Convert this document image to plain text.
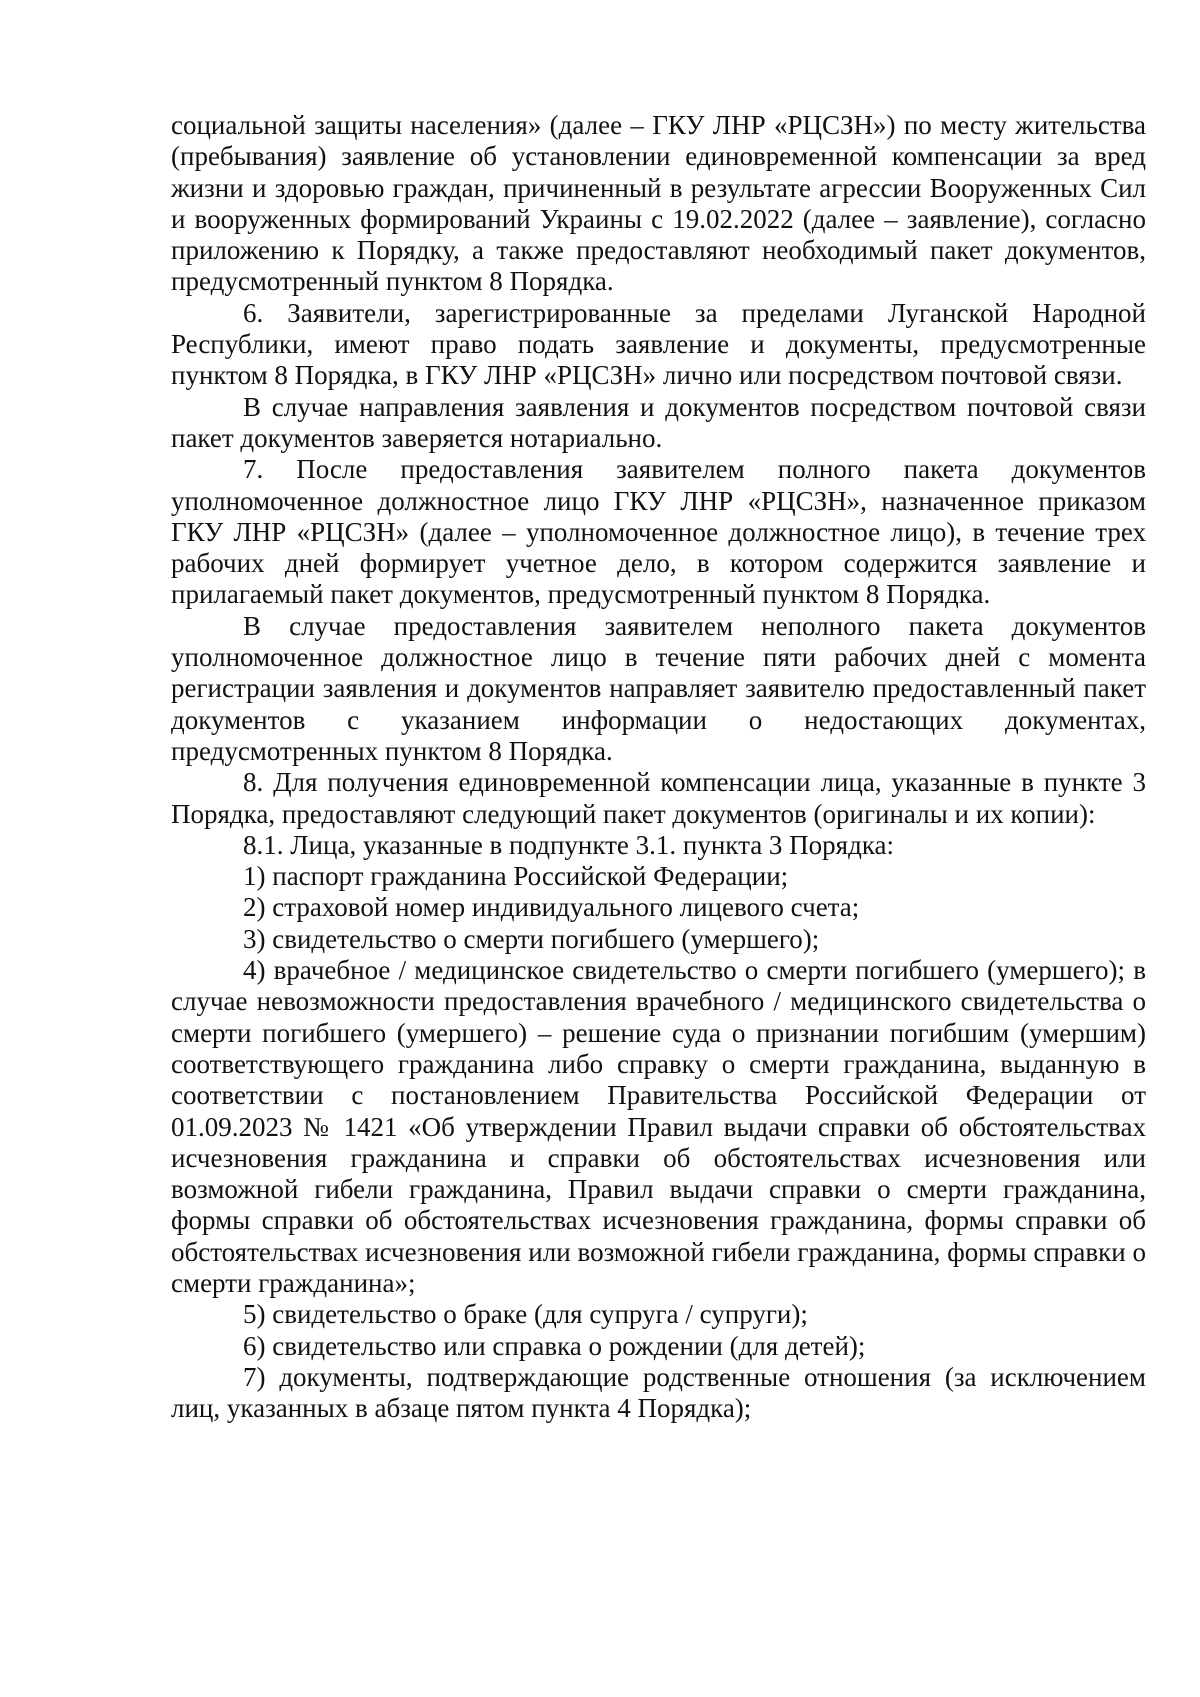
социальной защиты населения» (далее – ГКУ ЛНР «РЦСЗН») по месту жительства (пребывания) заявление об установлении единовременной компенсации за вред жизни и здоровью граждан, причиненный в результате агрессии Вооруженных Сил и вооруженных формирований Украины с 19.02.2022 (далее – заявление), согласно приложению к Порядку, а также предоставляют необходимый пакет документов, предусмотренный пунктом 8 Порядка.

6. Заявители, зарегистрированные за пределами Луганской Народной Республики, имеют право подать заявление и документы, предусмотренные пунктом 8 Порядка, в ГКУ ЛНР «РЦСЗН» лично или посредством почтовой связи.

В случае направления заявления и документов посредством почтовой связи пакет документов заверяется нотариально.

7. После предоставления заявителем полного пакета документов уполномоченное должностное лицо ГКУ ЛНР «РЦСЗН», назначенное приказом ГКУ ЛНР «РЦСЗН» (далее – уполномоченное должностное лицо), в течение трех рабочих дней формирует учетное дело, в котором содержится заявление и прилагаемый пакет документов, предусмотренный пунктом 8 Порядка.

В случае предоставления заявителем неполного пакета документов уполномоченное должностное лицо в течение пяти рабочих дней с момента регистрации заявления и документов направляет заявителю предоставленный пакет документов с указанием информации о недостающих документах, предусмотренных пунктом 8 Порядка.

8. Для получения единовременной компенсации лица, указанные в пункте 3 Порядка, предоставляют следующий пакет документов (оригиналы и их копии):

8.1. Лица, указанные в подпункте 3.1. пункта 3 Порядка:

1) паспорт гражданина Российской Федерации;

2) страховой номер индивидуального лицевого счета;

3) свидетельство о смерти погибшего (умершего);

4) врачебное / медицинское свидетельство о смерти погибшего (умершего); в случае невозможности предоставления врачебного / медицинского свидетельства о смерти погибшего (умершего) – решение суда о признании погибшим (умершим) соответствующего гражданина либо справку о смерти гражданина, выданную в соответствии с постановлением Правительства Российской Федерации от 01.09.2023 № 1421 «Об утверждении Правил выдачи справки об обстоятельствах исчезновения гражданина и справки об обстоятельствах исчезновения или возможной гибели гражданина, Правил выдачи справки о смерти гражданина, формы справки об обстоятельствах исчезновения гражданина, формы справки об обстоятельствах исчезновения или возможной гибели гражданина, формы справки о смерти гражданина»;

5) свидетельство о браке (для супруга / супруги);

6) свидетельство или справка о рождении (для детей);

7) документы, подтверждающие родственные отношения (за исключением лиц, указанных в абзаце пятом пункта 4 Порядка);
